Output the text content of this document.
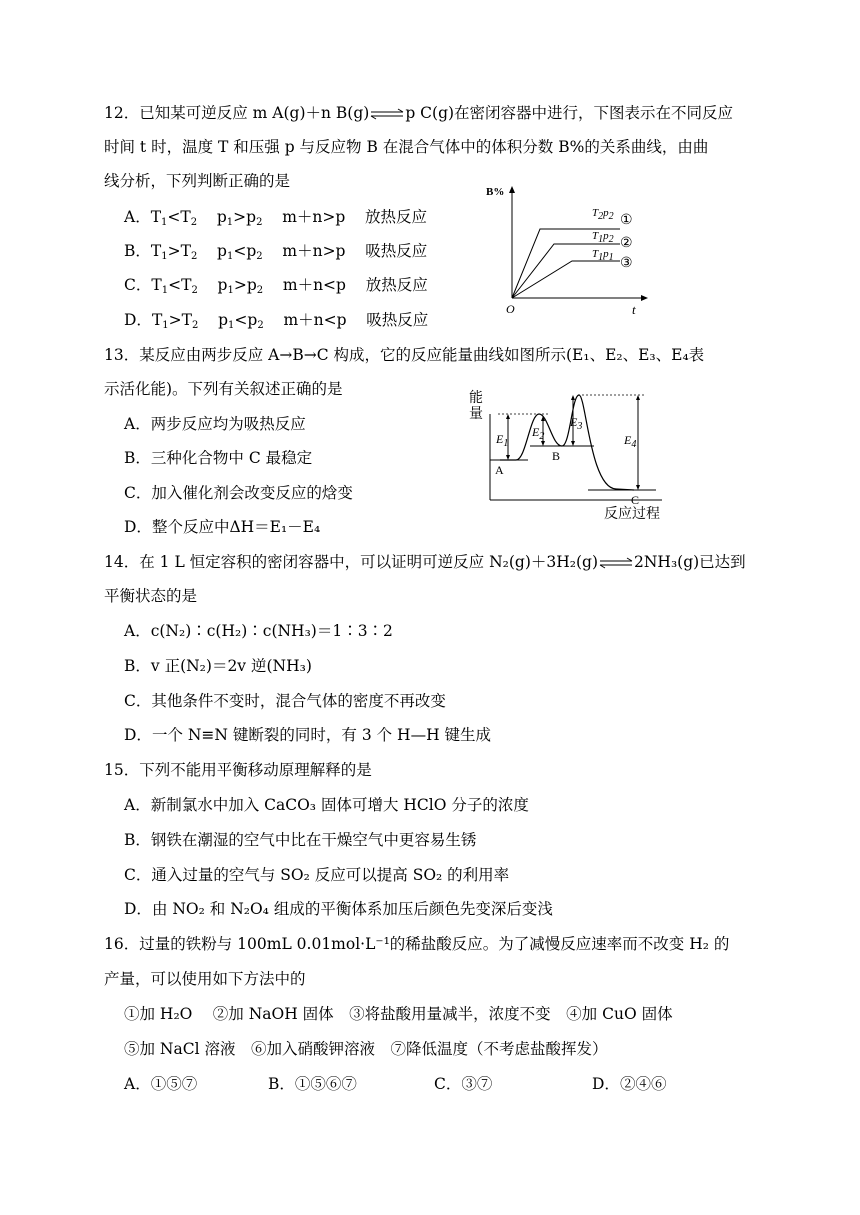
12．已知某可逆反应 m A(g)＋n B(g)⇌p C(g)在密闭容器中进行，下图表示在不同反应
时间 t 时，温度 T 和压强 p 与反应物 B 在混合气体中的体积分数 B%的关系曲线，由曲
线分析，下列判断正确的是
A．$T_1<T_2$ $p_1>p_2$ m＋n>p 放热反应
B．$T_1>T_2$ $p_1<p_2$ m＋n>p 吸热反应
C．$T_1<T_2$ $p_1>p_2$ m＋n<p 放热反应
D．$T_1>T_2$ $p_1<p_2$ m＋n<p 吸热反应
B%
O	t
T2p2
T1p2
T1p1
①
②
③
13．某反应由两步反应 A→B→C 构成，它的反应能量曲线如图所示(E₁、E₂、E₃、E₄表
示活化能)。下列有关叙述正确的是
A．两步反应均为吸热反应
B．三种化合物中 C 最稳定
C．加入催化剂会改变反应的焓变
D．整个反应中ΔH＝E₁－E₄
能
量
反应过程
$E_1$
$E_2$
$E_3$
$E_4$
A
B
C
14．在 1 L 恒定容积的密闭容器中，可以证明可逆反应 N₂(g)＋3H₂(g)⇌2NH₃(g)已达到
平衡状态的是
A．c(N₂)∶c(H₂)∶c(NH₃)＝1∶3∶2
B．v 正(N₂)＝2v 逆(NH₃)
C．其他条件不变时，混合气体的密度不再改变
D．一个 N≡N 键断裂的同时，有 3 个 H—H 键生成
15．下列不能用平衡移动原理解释的是
A．新制氯水中加入 CaCO₃ 固体可增大 HClO 分子的浓度
B．钢铁在潮湿的空气中比在干燥空气中更容易生锈
C．通入过量的空气与 SO₂ 反应可以提高 SO₂ 的利用率
D．由 NO₂ 和 N₂O₄ 组成的平衡体系加压后颜色先变深后变浅
16．过量的铁粉与 100mL 0.01mol·L⁻¹的稀盐酸反应。为了减慢反应速率而不改变 H₂ 的
产量，可以使用如下方法中的
①加 H₂O　 ②加 NaOH 固体　③将盐酸用量减半，浓度不变　④加 CuO 固体
⑤加 NaCl 溶液　⑥加入硝酸钾溶液　⑦降低温度（不考虑盐酸挥发）
A．①⑤⑦	B．①⑤⑥⑦	C．③⑦	D．②④⑥
